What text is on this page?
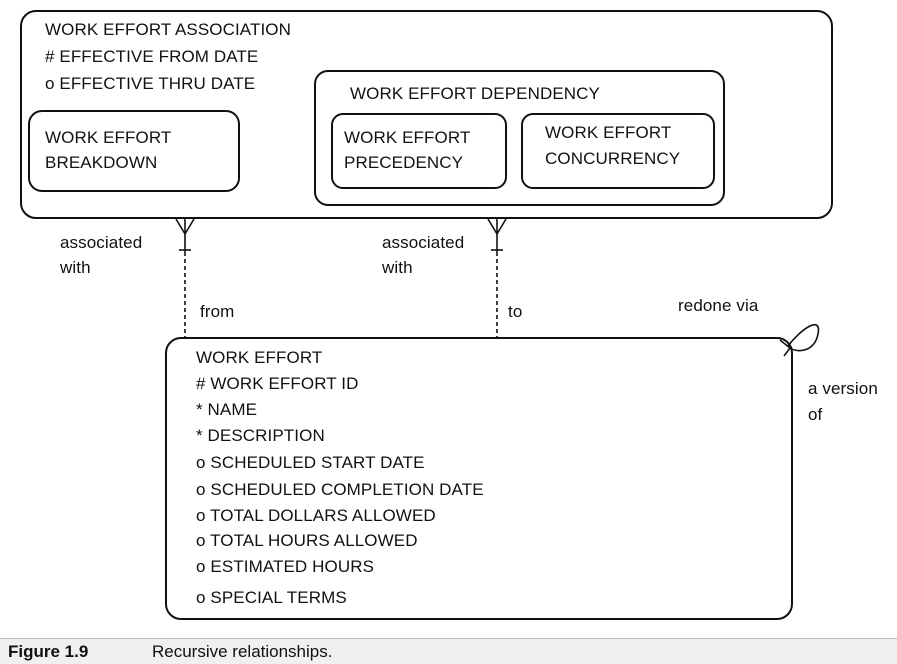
WORK EFFORT ASSOCIATION
# EFFECTIVE FROM DATE
o EFFECTIVE THRU DATE
WORK EFFORT
BREAKDOWN
WORK EFFORT DEPENDENCY
WORK EFFORT
PRECEDENCY
WORK EFFORT
CONCURRENCY
associated
with
associated
with
from	to	redone via
a version
of
WORK EFFORT
# WORK EFFORT ID
* NAME
* DESCRIPTION
o SCHEDULED START DATE
o SCHEDULED COMPLETION DATE
o TOTAL DOLLARS ALLOWED
o TOTAL HOURS ALLOWED
o ESTIMATED HOURS
o SPECIAL TERMS
Figure 1.9	Recursive relationships.
